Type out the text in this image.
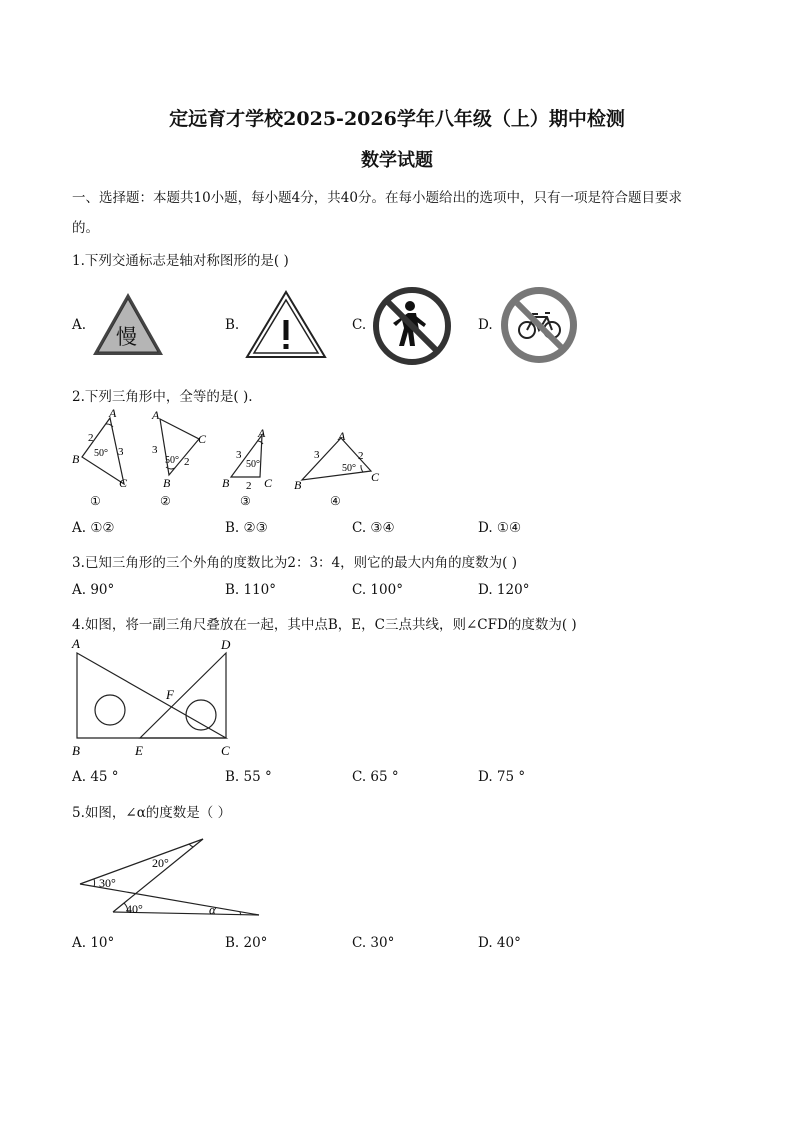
定远育才学校2025-2026学年八年级（上）期中检测
数学试题
一、选择题：本题共10小题，每小题4分，共40分。在每小题给出的选项中，只有一项是符合题目要求
的。
1.下列交通标志是轴对称图形的是( )
A.	B.	C.	D.
慢
2.下列三角形中，全等的是( ).
A
B
C
2
3
50°
①
A
B
C
3
2
50°
②
A
B	C
3
2
50°
③
A
B
C
3	2
50°
④
A. ①②	B. ②③	C. ③④	D. ①④
3.已知三角形的三个外角的度数比为2：3：4，则它的最大内角的度数为( )
A. 90°	B. 110°	C. 100°	D. 120°
4.如图，将一副三角尺叠放在一起，其中点B，E，C三点共线，则∠CFD的度数为( )
A	D
F
B	E	C
A. 45 °	B. 55 °	C. 65 °	D. 75 °
5.如图，∠α的度数是（ ）
20°
30°
40°	α
A. 10°	B. 20°	C. 30°	D. 40°
